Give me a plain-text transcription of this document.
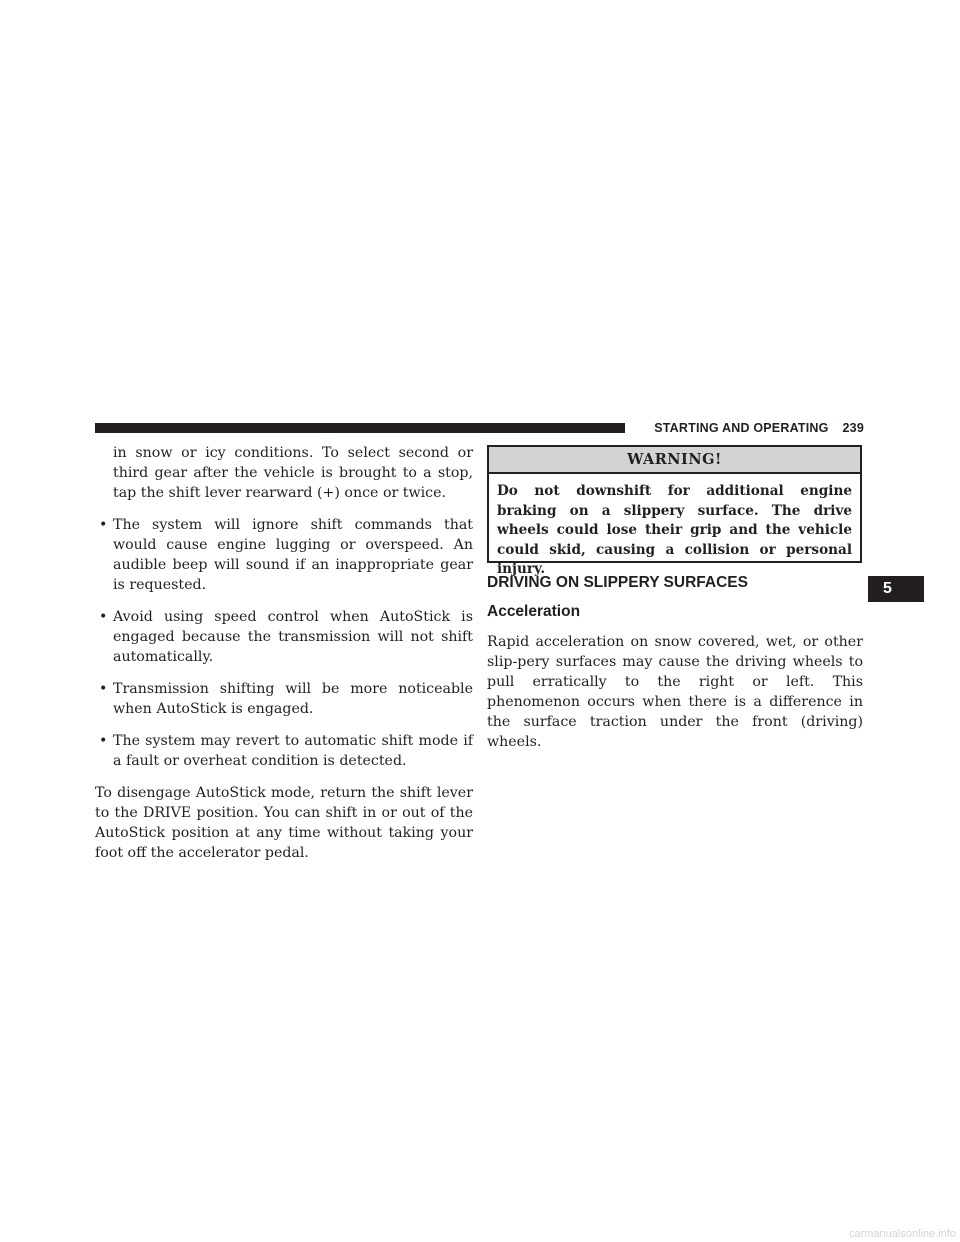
STARTING AND OPERATING 239

in snow or icy conditions. To select second or third gear after the vehicle is brought to a stop, tap the shift lever rearward (+) once or twice.

• The system will ignore shift commands that would cause engine lugging or overspeed. An audible beep will sound if an inappropriate gear is requested.
• Avoid using speed control when AutoStick is engaged because the transmission will not shift automatically.
• Transmission shifting will be more noticeable when AutoStick is engaged.
• The system may revert to automatic shift mode if a fault or overheat condition is detected.

To disengage AutoStick mode, return the shift lever to the DRIVE position. You can shift in or out of the AutoStick position at any time without taking your foot off the accelerator pedal.

WARNING!
Do not downshift for additional engine braking on a slippery surface. The drive wheels could lose their grip and the vehicle could skid, causing a collision or personal injury.
DRIVING ON SLIPPERY SURFACES
Acceleration

Rapid acceleration on snow covered, wet, or other slip-pery surfaces may cause the driving wheels to pull erratically to the right or left. This phenomenon occurs when there is a difference in the surface traction under the front (driving) wheels.

5
carmanualsonline.info
